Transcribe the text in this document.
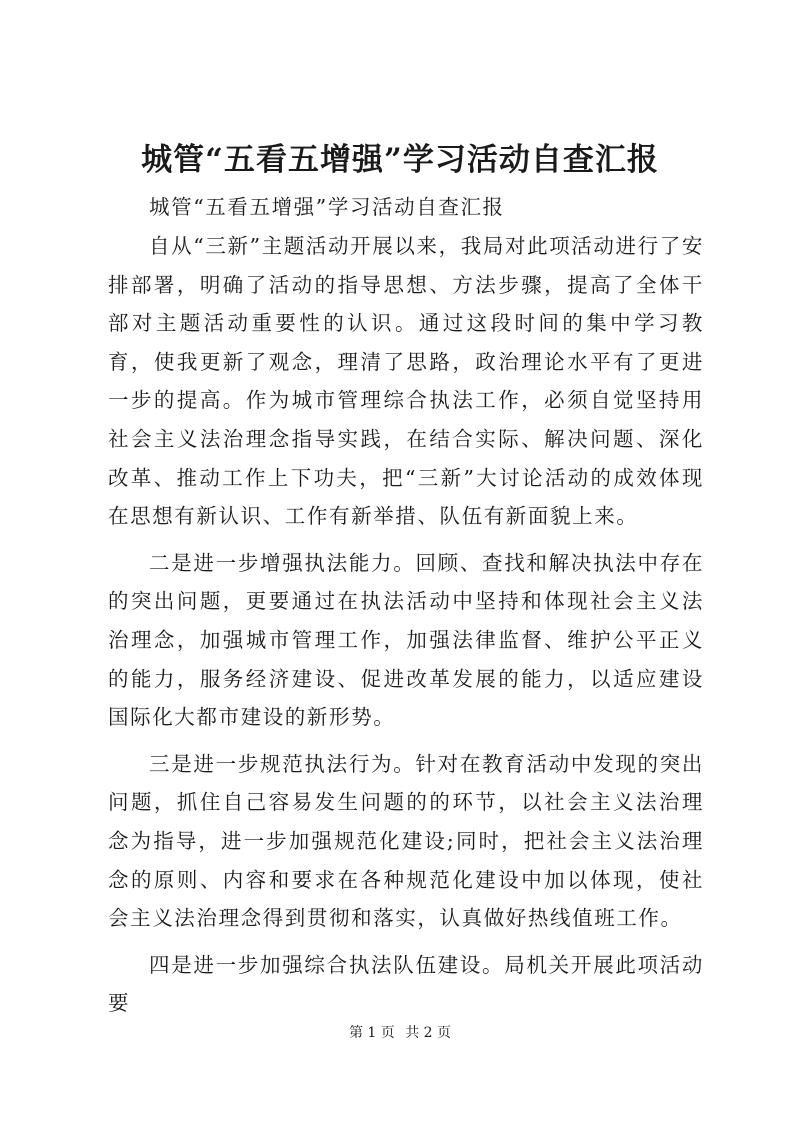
城管“五看五增强”学习活动自查汇报

城管“五看五增强”学习活动自查汇报

自从“三新”主题活动开展以来，我局对此项活动进行了安排部署，明确了活动的指导思想、方法步骤，提高了全体干部对主题活动重要性的认识。通过这段时间的集中学习教育，使我更新了观念，理清了思路，政治理论水平有了更进一步的提高。作为城市管理综合执法工作，必须自觉坚持用社会主义法治理念指导实践，在结合实际、解决问题、深化改革、推动工作上下功夫，把“三新”大讨论活动的成效体现在思想有新认识、工作有新举措、队伍有新面貌上来。

二是进一步增强执法能力。回顾、查找和解决执法中存在的突出问题，更要通过在执法活动中坚持和体现社会主义法治理念，加强城市管理工作，加强法律监督、维护公平正义的能力，服务经济建设、促进改革发展的能力，以适应建设国际化大都市建设的新形势。

三是进一步规范执法行为。针对在教育活动中发现的突出问题，抓住自己容易发生问题的的环节，以社会主义法治理念为指导，进一步加强规范化建设;同时，把社会主义法治理念的原则、内容和要求在各种规范化建设中加以体现，使社会主义法治理念得到贯彻和落实，认真做好热线值班工作。

四是进一步加强综合执法队伍建设。局机关开展此项活动要

第 1 页 共 2 页
